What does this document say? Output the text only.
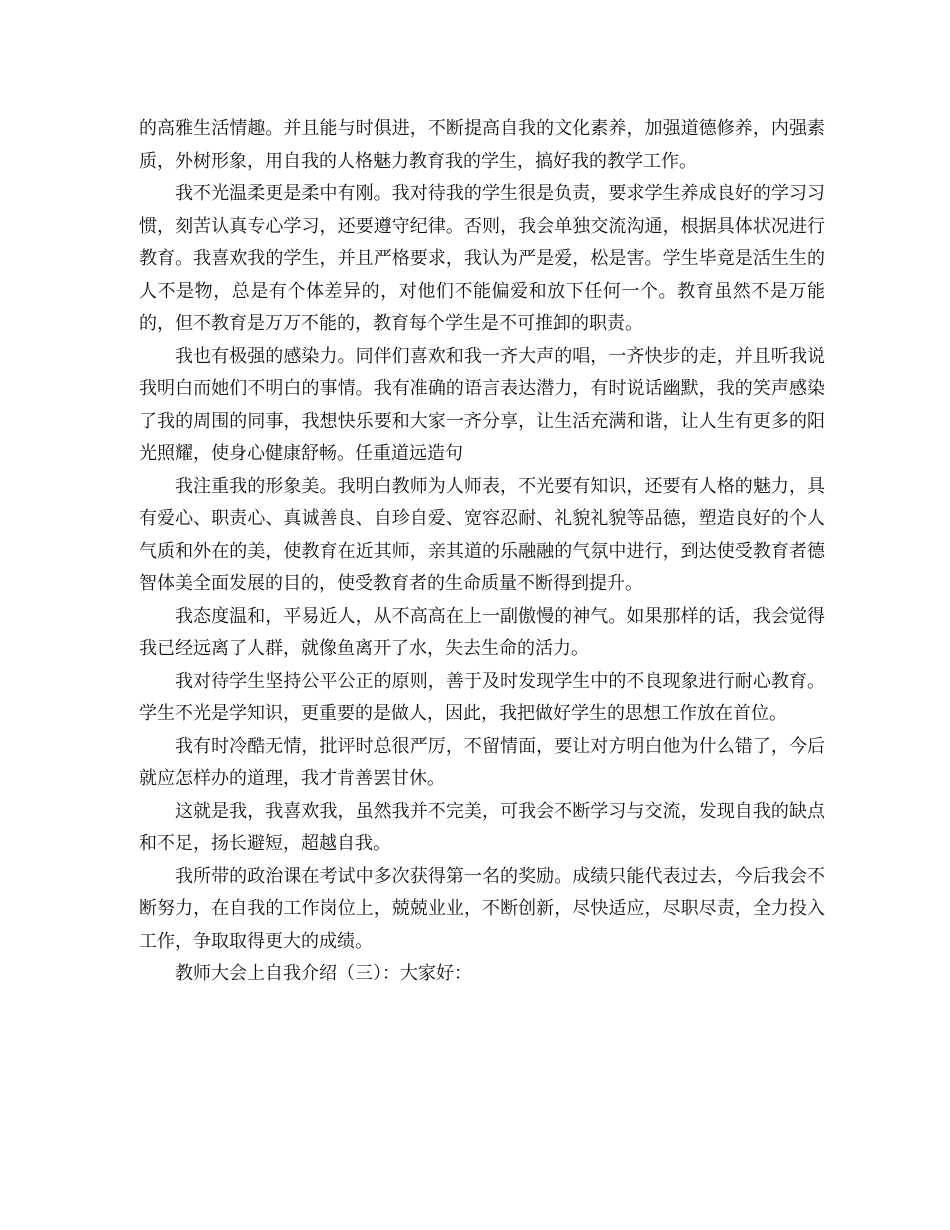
的高雅生活情趣。并且能与时俱进，不断提高自我的文化素养，加强道德修养，内强素质，外树形象，用自我的人格魅力教育我的学生，搞好我的教学工作。

我不光温柔更是柔中有刚。我对待我的学生很是负责，要求学生养成良好的学习习惯，刻苦认真专心学习，还要遵守纪律。否则，我会单独交流沟通，根据具体状况进行教育。我喜欢我的学生，并且严格要求，我认为严是爱，松是害。学生毕竟是活生生的人不是物，总是有个体差异的，对他们不能偏爱和放下任何一个。教育虽然不是万能的，但不教育是万万不能的，教育每个学生是不可推卸的职责。

我也有极强的感染力。同伴们喜欢和我一齐大声的唱，一齐快步的走，并且听我说我明白而她们不明白的事情。我有准确的语言表达潜力，有时说话幽默，我的笑声感染了我的周围的同事，我想快乐要和大家一齐分享，让生活充满和谐，让人生有更多的阳光照耀，使身心健康舒畅。任重道远造句

我注重我的形象美。我明白教师为人师表，不光要有知识，还要有人格的魅力，具有爱心、职责心、真诚善良、自珍自爱、宽容忍耐、礼貌礼貌等品德，塑造良好的个人气质和外在的美，使教育在近其师，亲其道的乐融融的气氛中进行，到达使受教育者德智体美全面发展的目的，使受教育者的生命质量不断得到提升。

我态度温和，平易近人，从不高高在上一副傲慢的神气。如果那样的话，我会觉得我已经远离了人群，就像鱼离开了水，失去生命的活力。

我对待学生坚持公平公正的原则，善于及时发现学生中的不良现象进行耐心教育。学生不光是学知识，更重要的是做人，因此，我把做好学生的思想工作放在首位。

我有时冷酷无情，批评时总很严厉，不留情面，要让对方明白他为什么错了，今后就应怎样办的道理，我才肯善罢甘休。

这就是我，我喜欢我，虽然我并不完美，可我会不断学习与交流，发现自我的缺点和不足，扬长避短，超越自我。

我所带的政治课在考试中多次获得第一名的奖励。成绩只能代表过去，今后我会不断努力，在自我的工作岗位上，兢兢业业，不断创新，尽快适应，尽职尽责，全力投入工作，争取取得更大的成绩。

教师大会上自我介绍（三）：大家好：
